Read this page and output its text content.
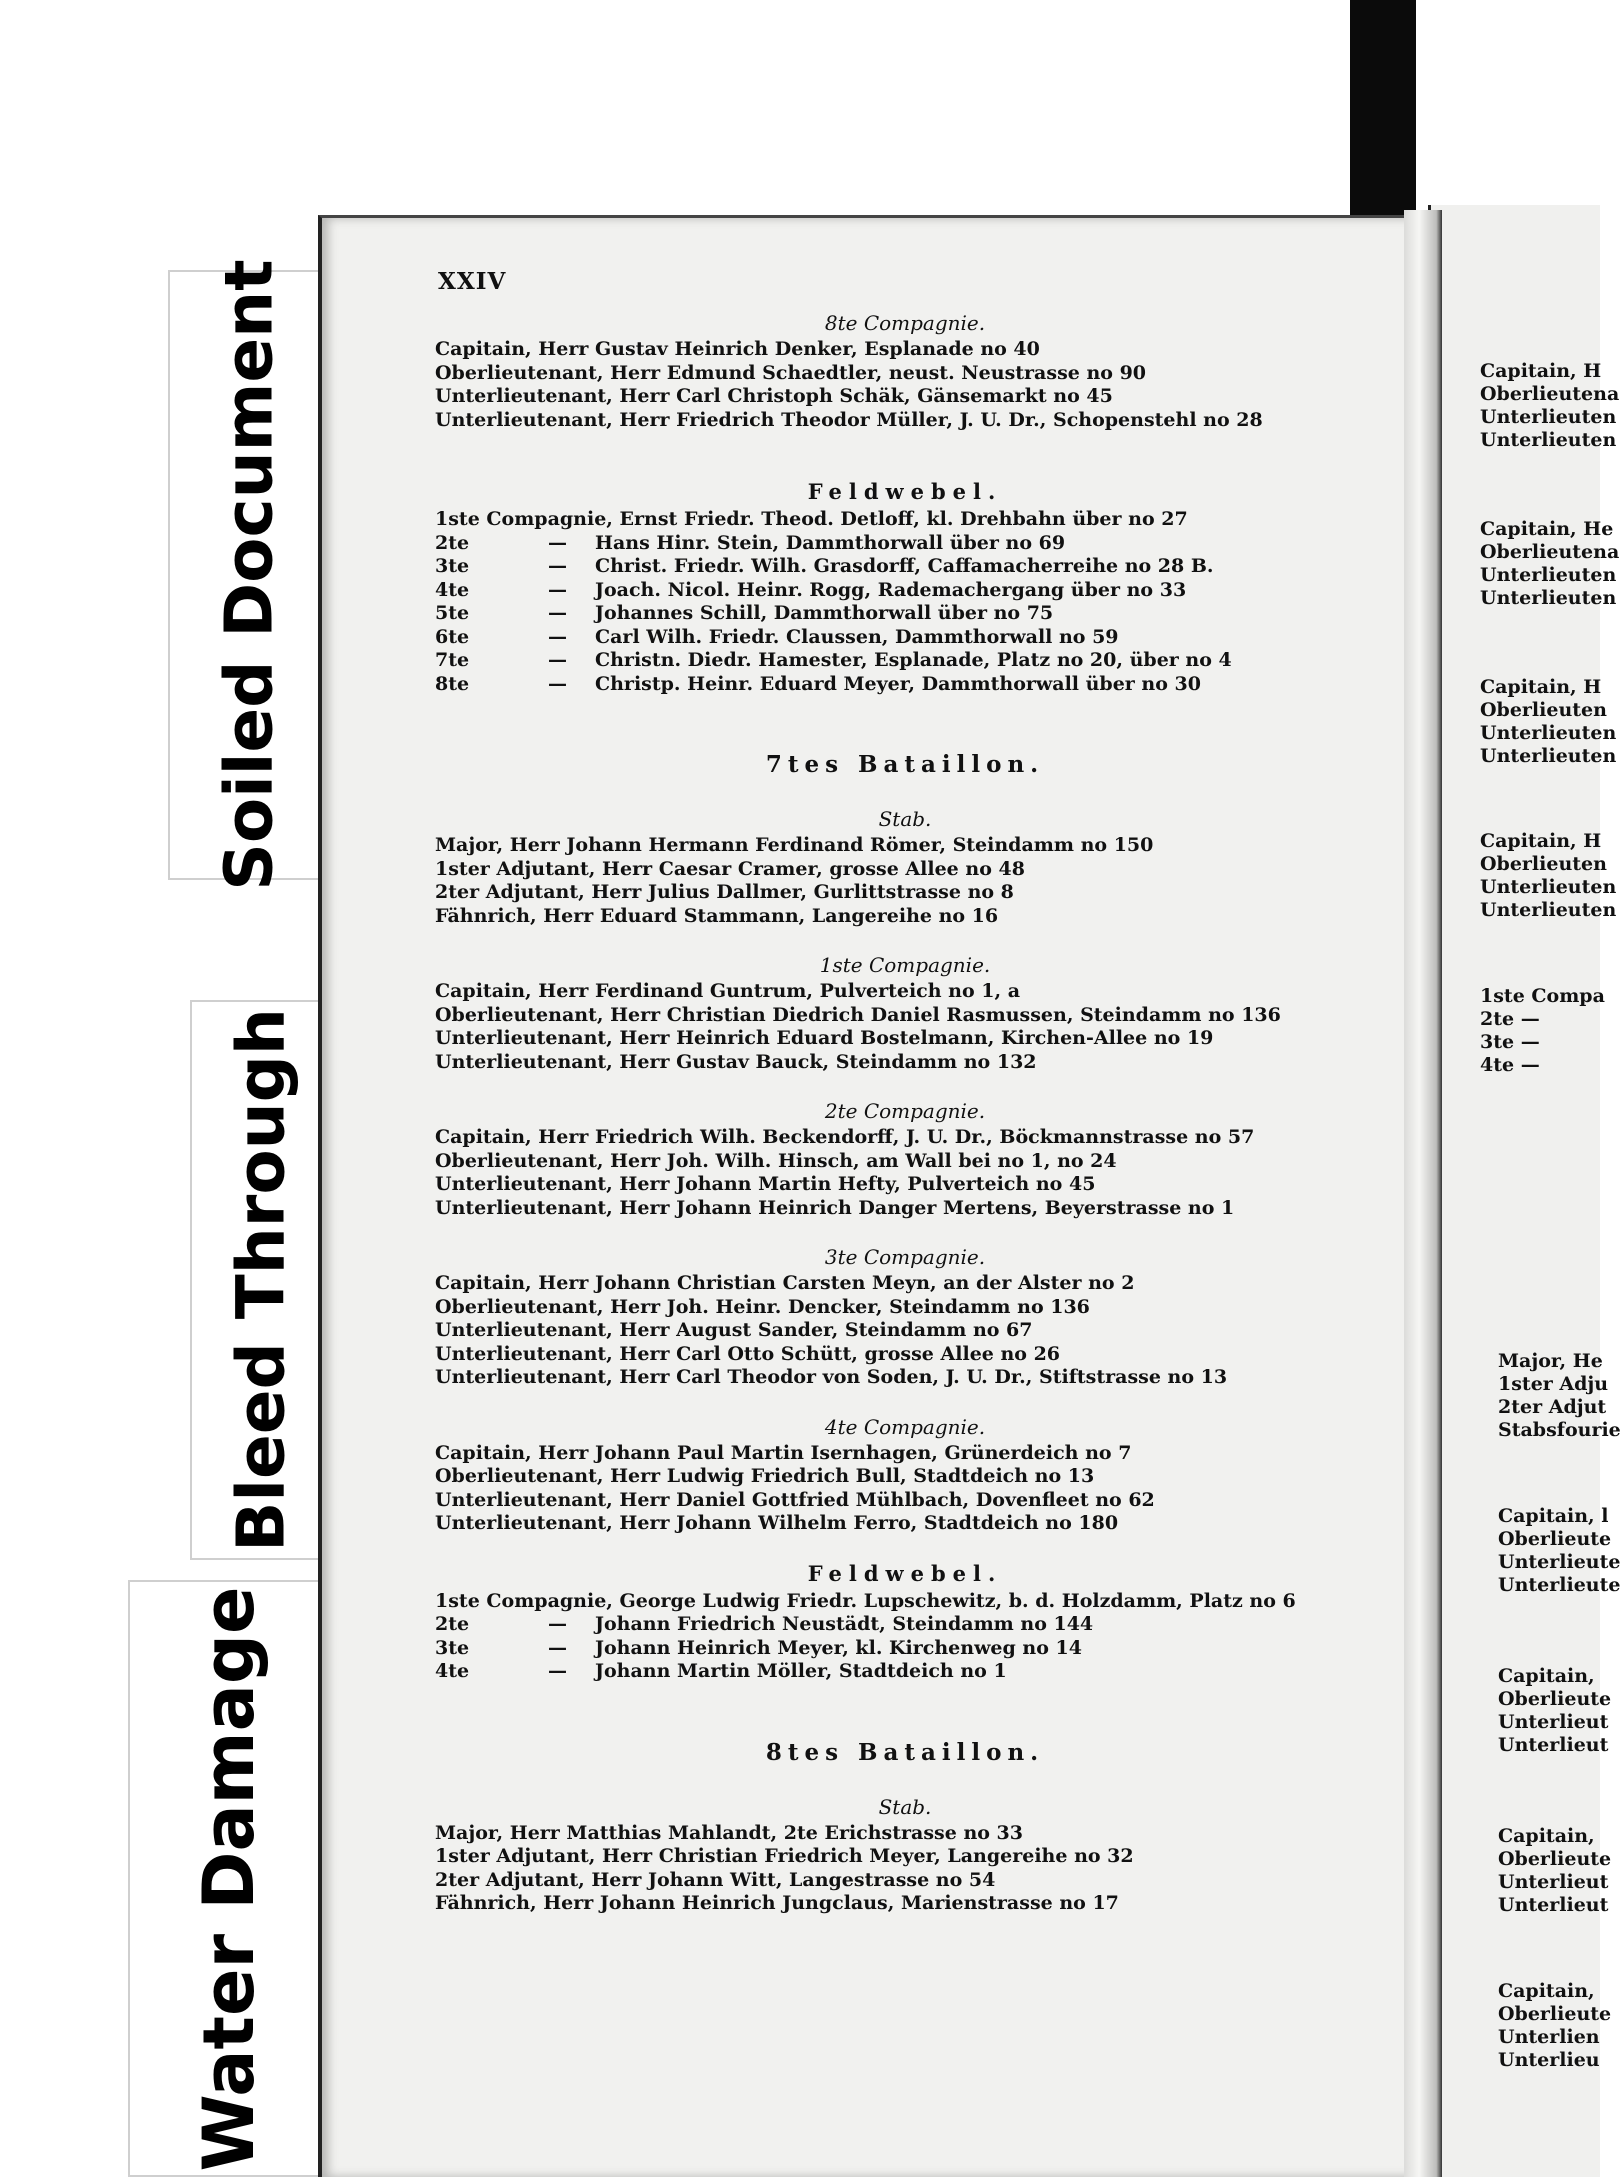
Soiled Document
Bleed Through
Water Damage
Capitain, H
Oberlieutena
Unterlieuten
Unterlieuten
Capitain, He
Oberlieutena
Unterlieuten
Unterlieuten
Capitain, H
Oberlieuten
Unterlieuten
Unterlieuten
Capitain, H
Oberlieuten
Unterlieuten
Unterlieuten
1ste Compa
2te —
3te —
4te —
Major, He
1ster Adju
2ter Adjut
Stabsfourie
Capitain, l
Oberlieute
Unterlieute
Unterlieute
Capitain,
Oberlieute
Unterlieut
Unterlieut
Capitain,
Oberlieute
Unterlieut
Unterlieut
Capitain,
Oberlieute
Unterlien
Unterlieu
XXIV
8te Compagnie.
Capitain, Herr Gustav Heinrich Denker, Esplanade no 40
Oberlieutenant, Herr Edmund Schaedtler, neust. Neustrasse no 90
Unterlieutenant, Herr Carl Christoph Schäk, Gänsemarkt no 45
Unterlieutenant, Herr Friedrich Theodor Müller, J. U. Dr., Schopenstehl no 28
Feldwebel.
1ste Compagnie, Ernst Friedr. Theod. Detloff, kl. Drehbahn über no 27
2te	—	Hans Hinr. Stein, Dammthorwall über no 69
3te	—	Christ. Friedr. Wilh. Grasdorff, Caffamacherreihe no 28 B.
4te	—	Joach. Nicol. Heinr. Rogg, Rademachergang über no 33
5te	—	Johannes Schill, Dammthorwall über no 75
6te	—	Carl Wilh. Friedr. Claussen, Dammthorwall no 59
7te	—	Christn. Diedr. Hamester, Esplanade, Platz no 20, über no 4
8te	—	Christp. Heinr. Eduard Meyer, Dammthorwall über no 30
7tes Bataillon.
Stab.
Major, Herr Johann Hermann Ferdinand Römer, Steindamm no 150
1ster Adjutant, Herr Caesar Cramer, grosse Allee no 48
2ter Adjutant, Herr Julius Dallmer, Gurlittstrasse no 8
Fähnrich, Herr Eduard Stammann, Langereihe no 16
1ste Compagnie.
Capitain, Herr Ferdinand Guntrum, Pulverteich no 1, a
Oberlieutenant, Herr Christian Diedrich Daniel Rasmussen, Steindamm no 136
Unterlieutenant, Herr Heinrich Eduard Bostelmann, Kirchen-Allee no 19
Unterlieutenant, Herr Gustav Bauck, Steindamm no 132
2te Compagnie.
Capitain, Herr Friedrich Wilh. Beckendorff, J. U. Dr., Böckmannstrasse no 57
Oberlieutenant, Herr Joh. Wilh. Hinsch, am Wall bei no 1, no 24
Unterlieutenant, Herr Johann Martin Hefty, Pulverteich no 45
Unterlieutenant, Herr Johann Heinrich Danger Mertens, Beyerstrasse no 1
3te Compagnie.
Capitain, Herr Johann Christian Carsten Meyn, an der Alster no 2
Oberlieutenant, Herr Joh. Heinr. Dencker, Steindamm no 136
Unterlieutenant, Herr August Sander, Steindamm no 67
Unterlieutenant, Herr Carl Otto Schütt, grosse Allee no 26
Unterlieutenant, Herr Carl Theodor von Soden, J. U. Dr., Stiftstrasse no 13
4te Compagnie.
Capitain, Herr Johann Paul Martin Isernhagen, Grünerdeich no 7
Oberlieutenant, Herr Ludwig Friedrich Bull, Stadtdeich no 13
Unterlieutenant, Herr Daniel Gottfried Mühlbach, Dovenfleet no 62
Unterlieutenant, Herr Johann Wilhelm Ferro, Stadtdeich no 180
Feldwebel.
1ste Compagnie, George Ludwig Friedr. Lupschewitz, b. d. Holzdamm, Platz no 6
2te	—	Johann Friedrich Neustädt, Steindamm no 144
3te	—	Johann Heinrich Meyer, kl. Kirchenweg no 14
4te	—	Johann Martin Möller, Stadtdeich no 1
8tes Bataillon.
Stab.
Major, Herr Matthias Mahlandt, 2te Erichstrasse no 33
1ster Adjutant, Herr Christian Friedrich Meyer, Langereihe no 32
2ter Adjutant, Herr Johann Witt, Langestrasse no 54
Fähnrich, Herr Johann Heinrich Jungclaus, Marienstrasse no 17
